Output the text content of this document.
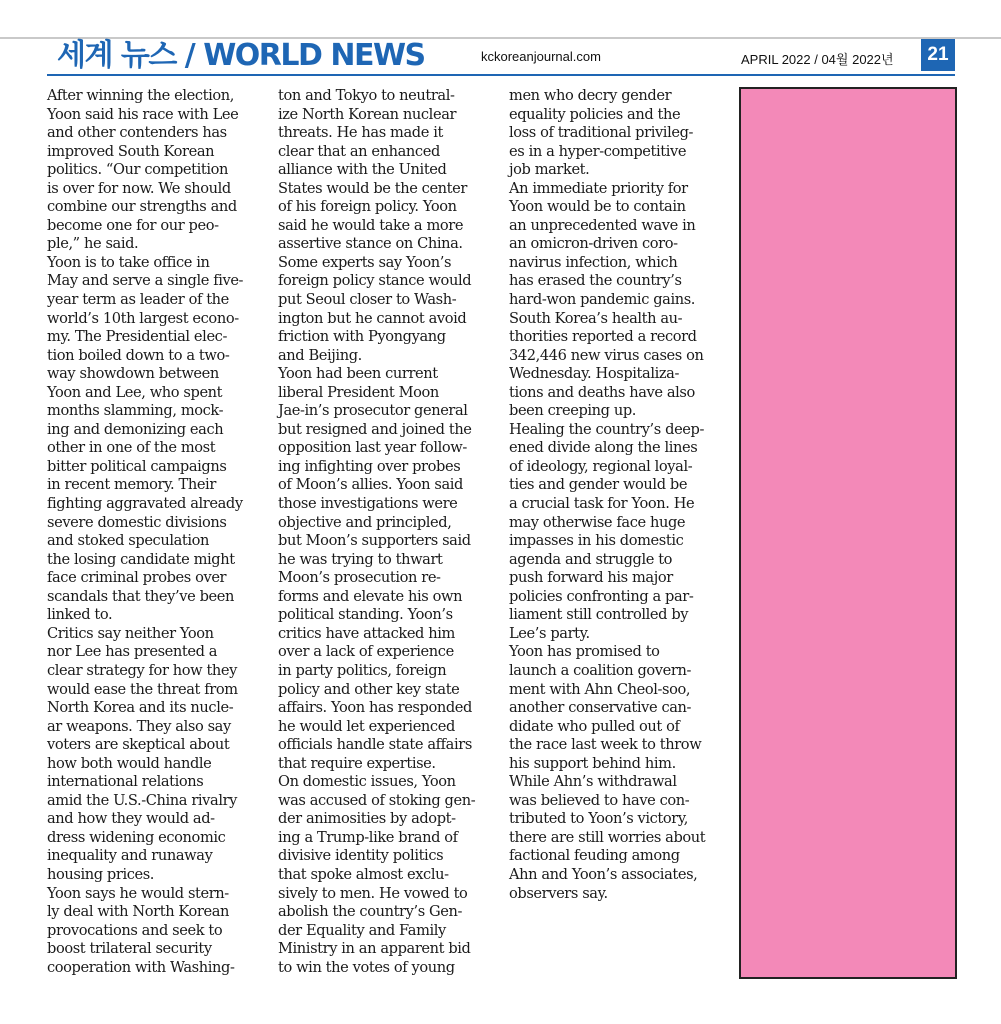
세계 뉴스 / WORLD NEWS	kckoreanjournal.com	APRIL 2022 / 04월 2022년	21

After winning the election,

Yoon said his race with Lee

and other contenders has

improved South Korean

politics. “Our competition

is over for now. We should

combine our strengths and

become one for our peo-

ple,” he said.

Yoon is to take office in

May and serve a single five-

year term as leader of the

world’s 10th largest econo-

my. The Presidential elec-

tion boiled down to a two-

way showdown between

Yoon and Lee, who spent

months slamming, mock-

ing and demonizing each

other in one of the most

bitter political campaigns

in recent memory. Their

fighting aggravated already

severe domestic divisions

and stoked speculation

the losing candidate might

face criminal probes over

scandals that they’ve been

linked to.

Critics say neither Yoon

nor Lee has presented a

clear strategy for how they

would ease the threat from

North Korea and its nucle-

ar weapons. They also say

voters are skeptical about

how both would handle

international relations

amid the U.S.-China rivalry

and how they would ad-

dress widening economic

inequality and runaway

housing prices.

Yoon says he would stern-

ly deal with North Korean

provocations and seek to

boost trilateral security

cooperation with Washing-

ton and Tokyo to neutral-

ize North Korean nuclear

threats. He has made it

clear that an enhanced

alliance with the United

States would be the center

of his foreign policy. Yoon

said he would take a more

assertive stance on China.

Some experts say Yoon’s

foreign policy stance would

put Seoul closer to Wash-

ington but he cannot avoid

friction with Pyongyang

and Beijing.

Yoon had been current

liberal President Moon

Jae-in’s prosecutor general

but resigned and joined the

opposition last year follow-

ing infighting over probes

of Moon’s allies. Yoon said

those investigations were

objective and principled,

but Moon’s supporters said

he was trying to thwart

Moon’s prosecution re-

forms and elevate his own

political standing. Yoon’s

critics have attacked him

over a lack of experience

in party politics, foreign

policy and other key state

affairs. Yoon has responded

he would let experienced

officials handle state affairs

that require expertise.

On domestic issues, Yoon

was accused of stoking gen-

der animosities by adopt-

ing a Trump-like brand of

divisive identity politics

that spoke almost exclu-

sively to men. He vowed to

abolish the country’s Gen-

der Equality and Family

Ministry in an apparent bid

to win the votes of young

men who decry gender

equality policies and the

loss of traditional privileg-

es in a hyper-competitive

job market.

An immediate priority for

Yoon would be to contain

an unprecedented wave in

an omicron-driven coro-

navirus infection, which

has erased the country’s

hard-won pandemic gains.

South Korea’s health au-

thorities reported a record

342,446 new virus cases on

Wednesday. Hospitaliza-

tions and deaths have also

been creeping up.

Healing the country’s deep-

ened divide along the lines

of ideology, regional loyal-

ties and gender would be

a crucial task for Yoon. He

may otherwise face huge

impasses in his domestic

agenda and struggle to

push forward his major

policies confronting a par-

liament still controlled by

Lee’s party.

Yoon has promised to

launch a coalition govern-

ment with Ahn Cheol-soo,

another conservative can-

didate who pulled out of

the race last week to throw

his support behind him.

While Ahn’s withdrawal

was believed to have con-

tributed to Yoon’s victory,

there are still worries about

factional feuding among

Ahn and Yoon’s associates,

observers say.
